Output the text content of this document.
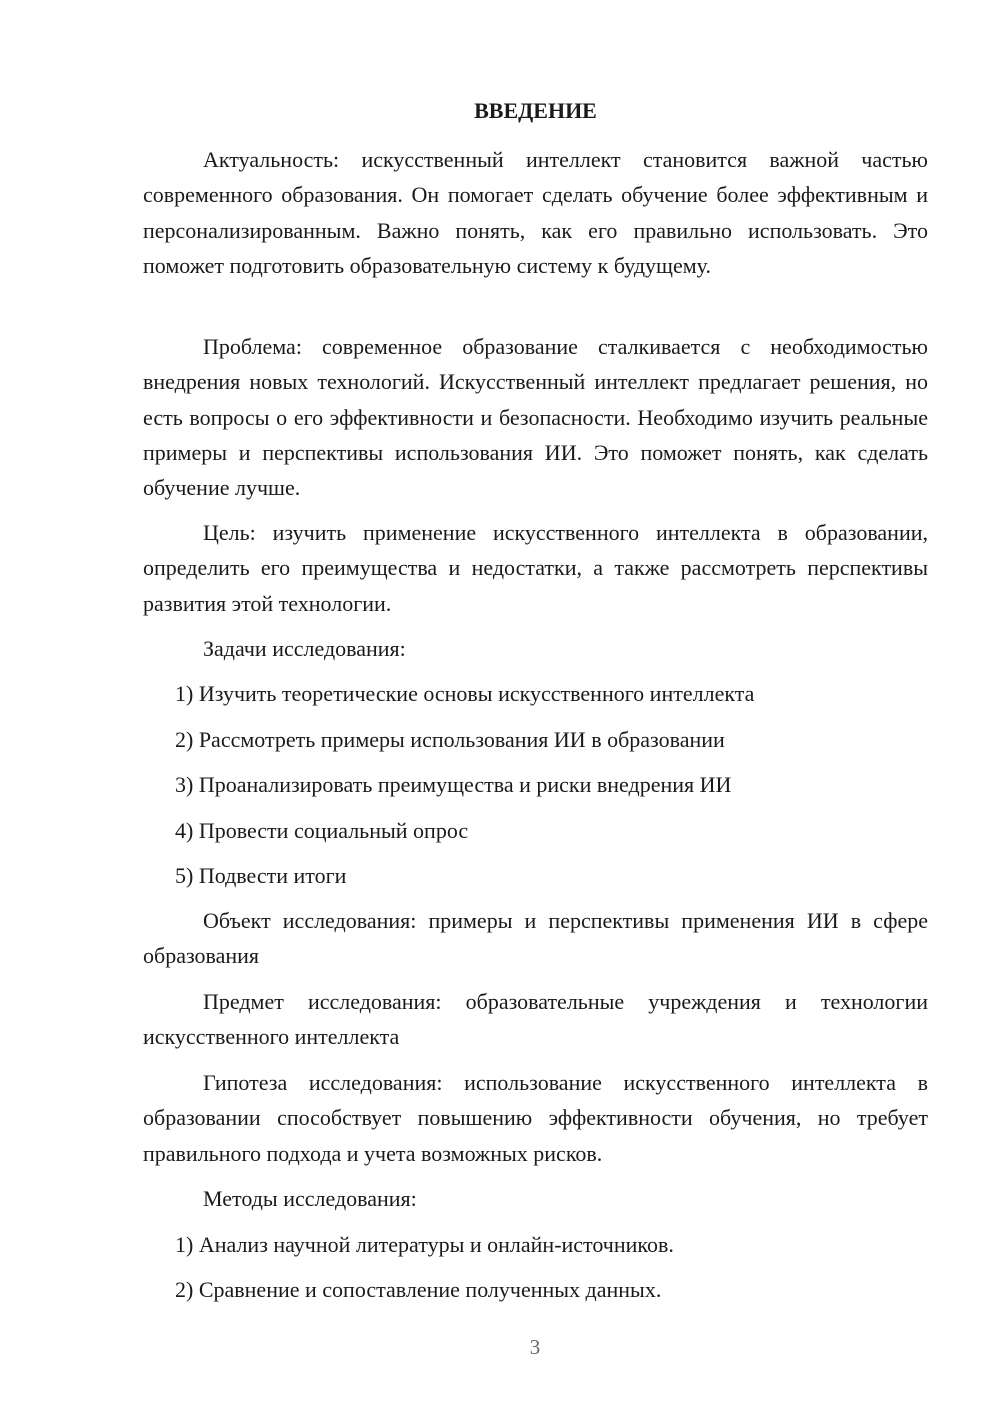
ВВЕДЕНИЕ

Актуальность: искусственный интеллект становится важной частью современного образования. Он помогает сделать обучение более эффективным и персонализированным. Важно понять, как его правильно использовать. Это поможет подготовить образовательную систему к будущему.

Проблема: современное образование сталкивается с необходимостью внедрения новых технологий. Искусственный интеллект предлагает решения, но есть вопросы о его эффективности и безопасности. Необходимо изучить реальные примеры и перспективы использования ИИ. Это поможет понять, как сделать обучение лучше.

Цель: изучить применение искусственного интеллекта в образовании, определить его преимущества и недостатки, а также рассмотреть перспективы развития этой технологии.

Задачи исследования:

1) Изучить теоретические основы искусственного интеллекта

2) Рассмотреть примеры использования ИИ в образовании

3) Проанализировать преимущества и риски внедрения ИИ

4) Провести социальный опрос

5) Подвести итоги

Объект исследования: примеры и перспективы применения ИИ в сфере образования

Предмет исследования: образовательные учреждения и технологии искусственного интеллекта

Гипотеза исследования: использование искусственного интеллекта в образовании способствует повышению эффективности обучения, но требует правильного подхода и учета возможных рисков.

Методы исследования:

1) Анализ научной литературы и онлайн-источников.

2) Сравнение и сопоставление полученных данных.

3
